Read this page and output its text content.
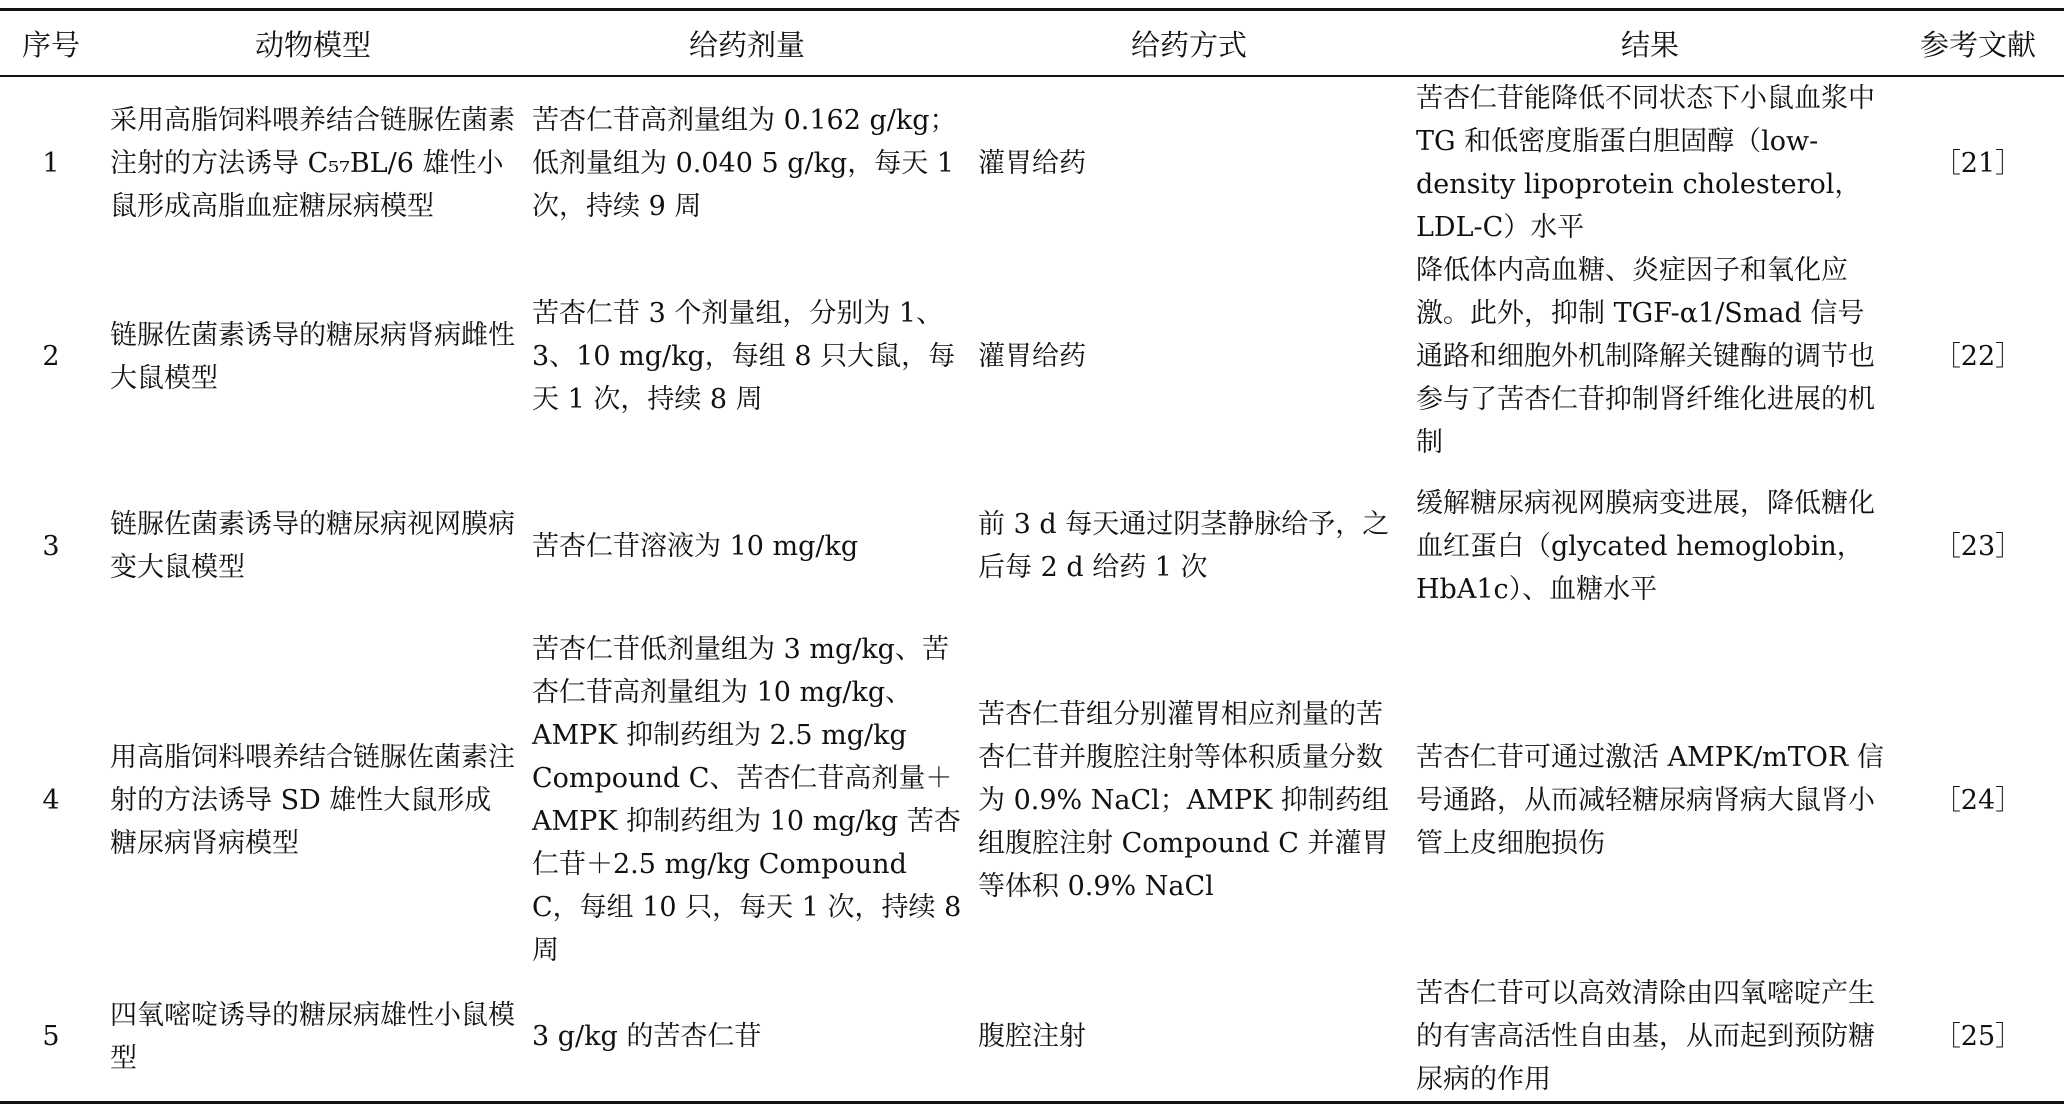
序号	动物模型	给药剂量	给药方式	结果	参考文献
1	采用高脂饲料喂养结合链脲佐菌素注射的方法诱导 C₅₇BL/6 雄性小鼠形成高脂血症糖尿病模型	苦杏仁苷高剂量组为 0.162 g/kg；低剂量组为 0.040 5 g/kg，每天 1 次，持续 9 周	灌胃给药	苦杏仁苷能降低不同状态下小鼠血浆中 TG 和低密度脂蛋白胆固醇（low-density lipoprotein cholesterol，LDL-C）水平	［21］
2	链脲佐菌素诱导的糖尿病肾病雌性大鼠模型	苦杏仁苷 3 个剂量组，分别为 1、3、10 mg/kg，每组 8 只大鼠，每天 1 次，持续 8 周	灌胃给药	降低体内高血糖、炎症因子和氧化应激。此外，抑制 TGF-α1/Smad 信号通路和细胞外机制降解关键酶的调节也参与了苦杏仁苷抑制肾纤维化进展的机制	［22］
3	链脲佐菌素诱导的糖尿病视网膜病变大鼠模型	苦杏仁苷溶液为 10 mg/kg	前 3 d 每天通过阴茎静脉给予，之后每 2 d 给药 1 次	缓解糖尿病视网膜病变进展，降低糖化血红蛋白（glycated hemoglobin，HbA1c）、血糖水平	［23］
4	用高脂饲料喂养结合链脲佐菌素注射的方法诱导 SD 雄性大鼠形成糖尿病肾病模型	苦杏仁苷低剂量组为 3 mg/kg、苦杏仁苷高剂量组为 10 mg/kg、AMPK 抑制药组为 2.5 mg/kg Compound C、苦杏仁苷高剂量＋AMPK 抑制药组为 10 mg/kg 苦杏仁苷＋2.5 mg/kg Compound C，每组 10 只，每天 1 次，持续 8 周	苦杏仁苷组分别灌胃相应剂量的苦杏仁苷并腹腔注射等体积质量分数为 0.9% NaCl；AMPK 抑制药组组腹腔注射 Compound C 并灌胃等体积 0.9% NaCl	苦杏仁苷可通过激活 AMPK/mTOR 信号通路，从而减轻糖尿病肾病大鼠肾小管上皮细胞损伤	［24］
5	四氧嘧啶诱导的糖尿病雄性小鼠模型	3 g/kg 的苦杏仁苷	腹腔注射	苦杏仁苷可以高效清除由四氧嘧啶产生的有害高活性自由基，从而起到预防糖尿病的作用	［25］
